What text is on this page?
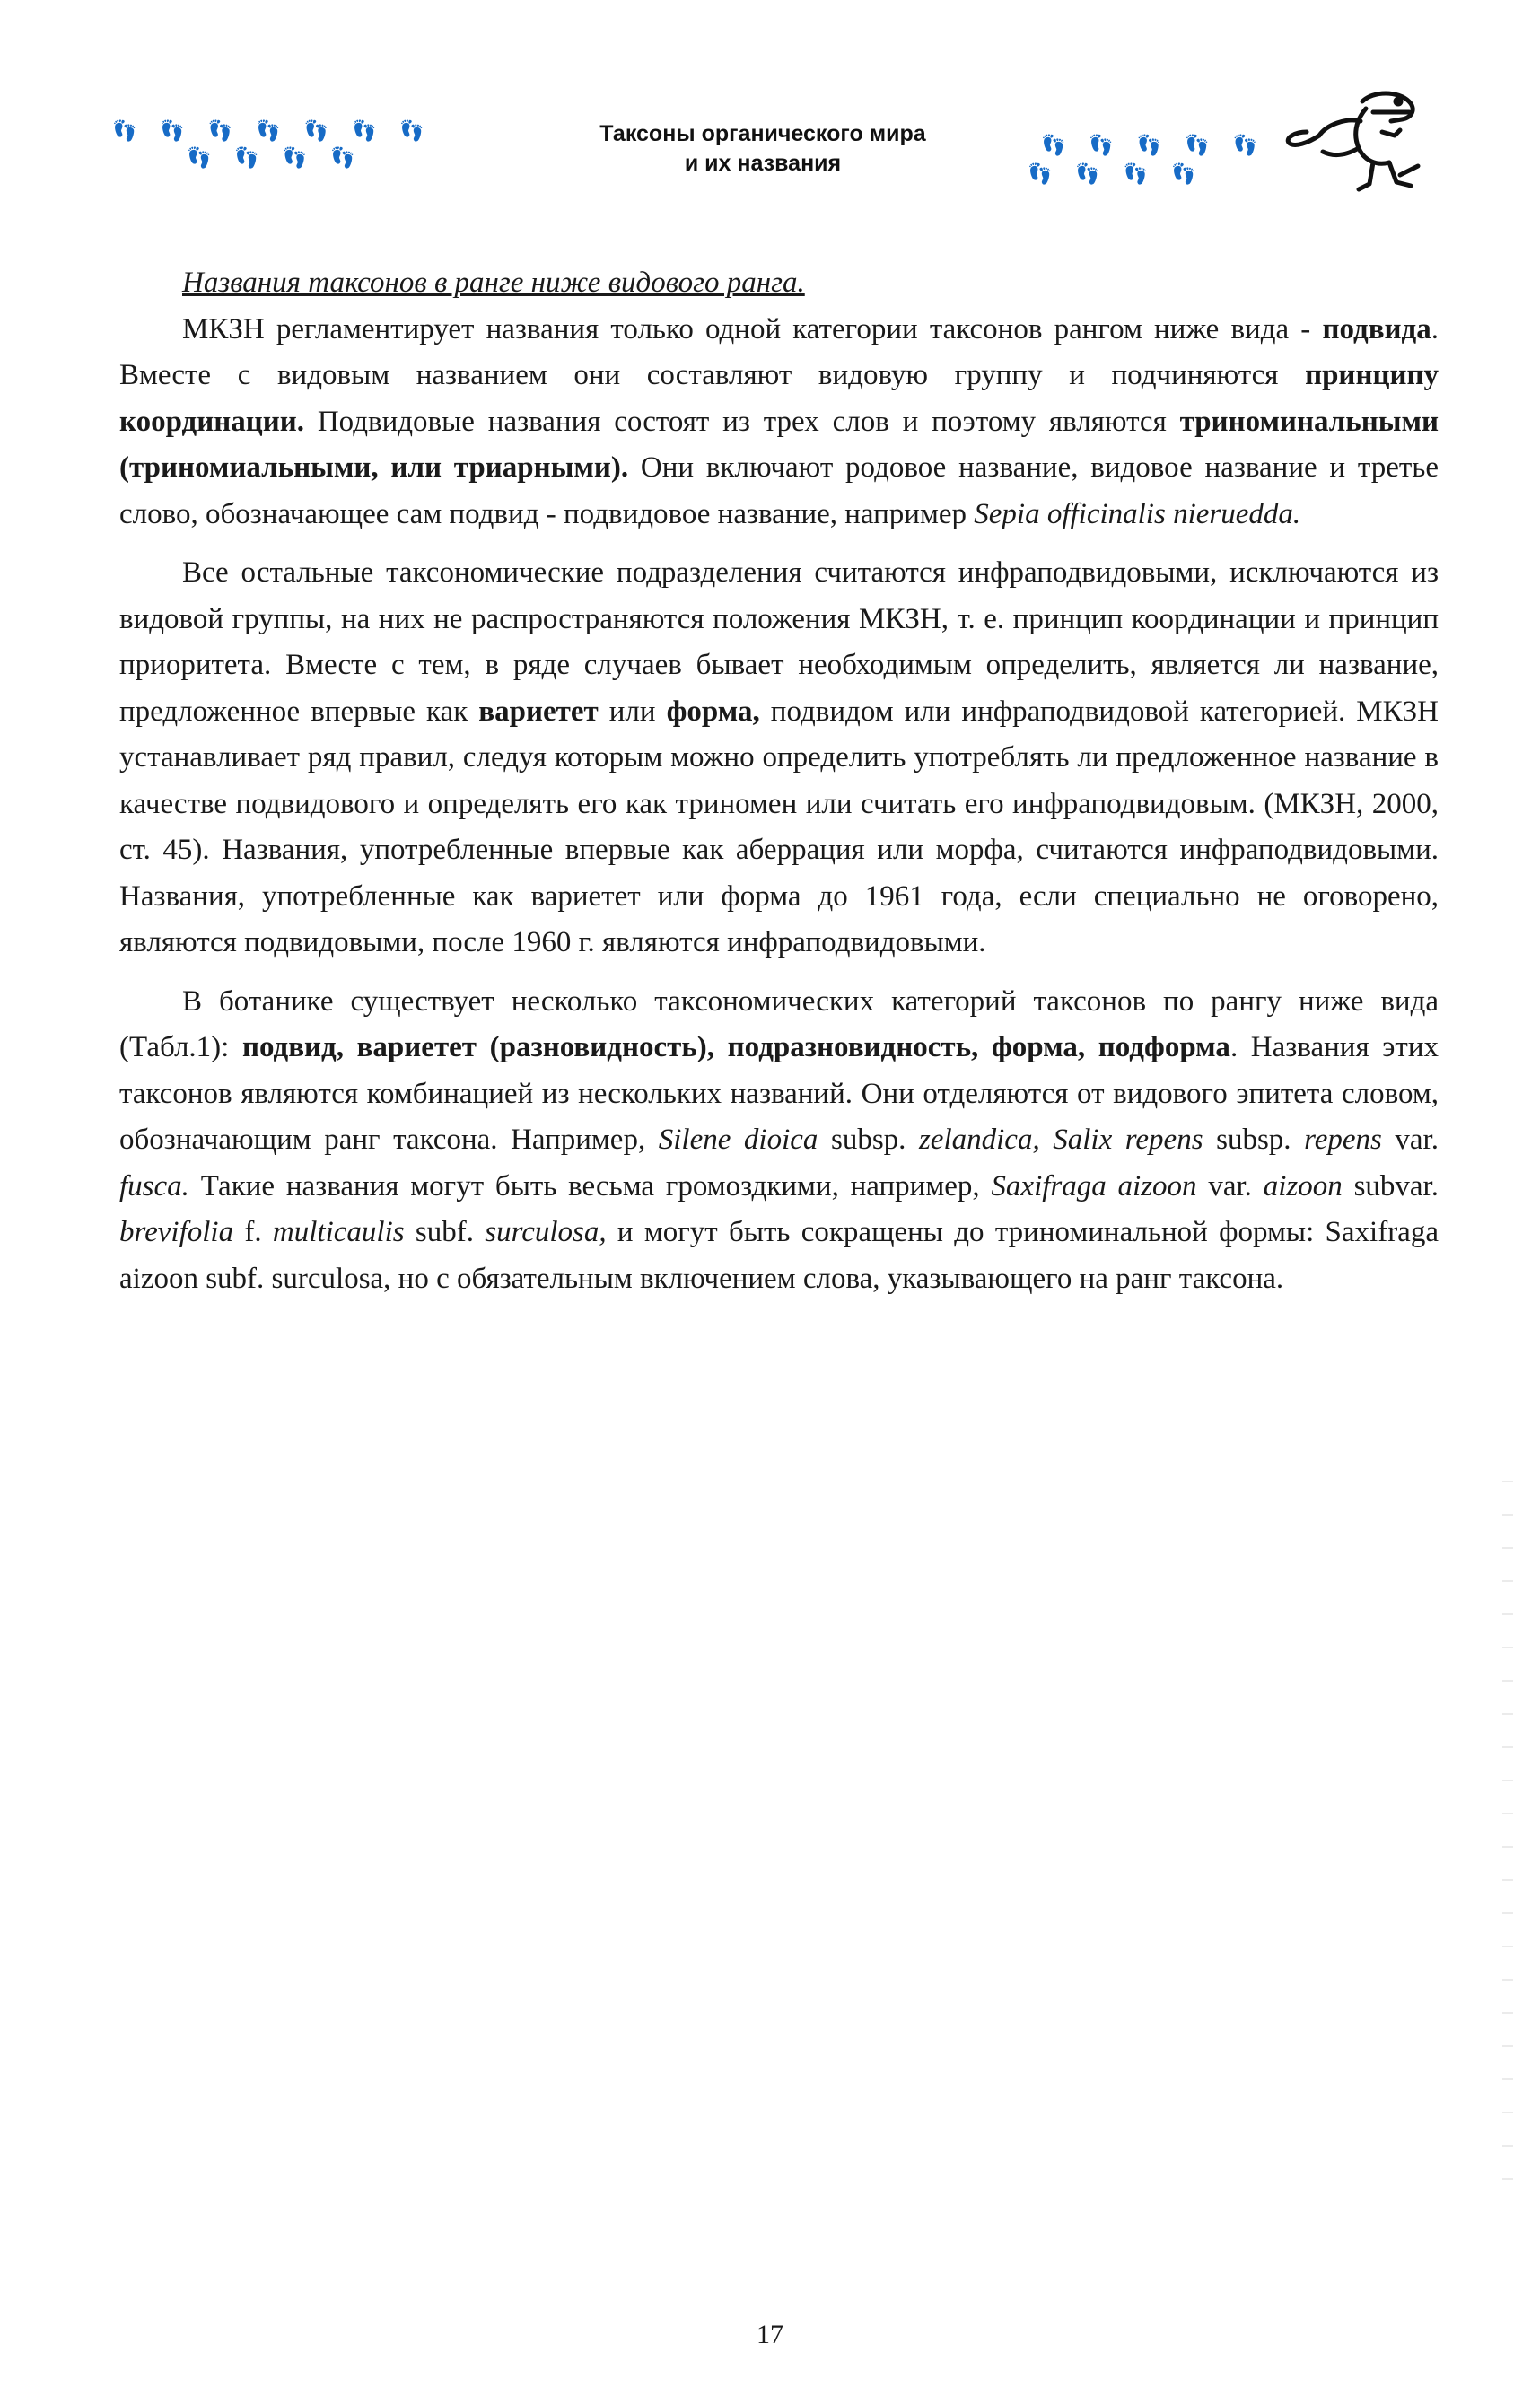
👣👣👣👣👣👣👣
👣👣👣👣
Таксоны органического мира
и их названия
👣👣👣👣👣
👣👣👣👣

Названия таксонов в ранге ниже видового ранга.

МКЗН регламентирует названия только одной категории таксонов рангом ниже вида - подвида. Вместе с видовым названием они составляют видовую группу и подчиняются принципу координации. Подвидовые названия состоят из трех слов и поэтому являются триноминальными (триномиальными, или триарными). Они включают родовое название, видовое название и третье слово, обозначающее сам подвид - подвидовое название, например Sepia officinalis nieruedda.

Все остальные таксономические подразделения считаются инфраподвидовыми, исключаются из видовой группы, на них не распространяются положения МКЗН, т. е. принцип координации и принцип приоритета. Вместе с тем, в ряде случаев бывает необходимым определить, является ли название, предложенное впервые как вариетет или форма, подвидом или инфраподвидовой категорией. МКЗН устанавливает ряд правил, следуя которым можно определить употреблять ли предложенное название в качестве подвидового и определять его как триномен или считать его инфраподвидовым. (МКЗН, 2000, ст. 45). Названия, употребленные впервые как аберрация или морфа, считаются инфраподвидовыми. Названия, употребленные как вариетет или форма до 1961 года, если специально не оговорено, являются подвидовыми, после 1960 г. являются инфраподвидовыми.

В ботанике существует несколько таксономических категорий таксонов по рангу ниже вида (Табл.1): подвид, вариетет (разновидность), подразновидность, форма, подформа. Названия этих таксонов являются комбинацией из нескольких названий. Они отделяются от видового эпитета словом, обозначающим ранг таксона. Например, Silene dioica subsp. zelandica, Salix repens subsp. repens var. fusca. Такие названия могут быть весьма громоздкими, например, Saxifraga aizoon var. aizoon subvar. brevifolia f. multicaulis subf. surculosa, и могут быть сокращены до триноминальной формы: Saxifraga aizoon subf. surculosa, но с обязательным включением слова, указывающего на ранг таксона.

17
